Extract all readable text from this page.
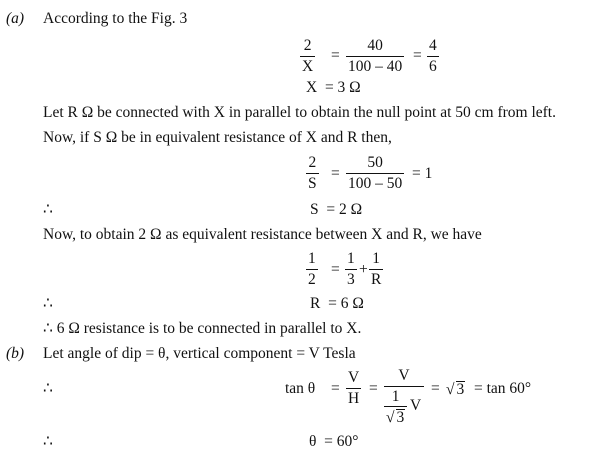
(a) According to the Fig. 3
2
X
=
40
100 – 40
=
4
6
X  = 3 Ω
Let R Ω be connected with X in parallel to obtain the null point at 50 cm from left.
Now, if S Ω be in equivalent resistance of X and R then,
2
S
=
50
100 – 50
= 1
∴	S  = 2 Ω
Now, to obtain 2 Ω as equivalent resistance between X and R, we have
1
2
=
1
3
+
1
R
∴	R  = 6 Ω
∴ 6 Ω resistance is to be connected in parallel to X.
(b) Let angle of dip = θ, vertical component = V Tesla
∴	tan θ =
V
H
=
V
1
√ 3
V
= √ 3 = tan 60°
∴	θ  = 60°
